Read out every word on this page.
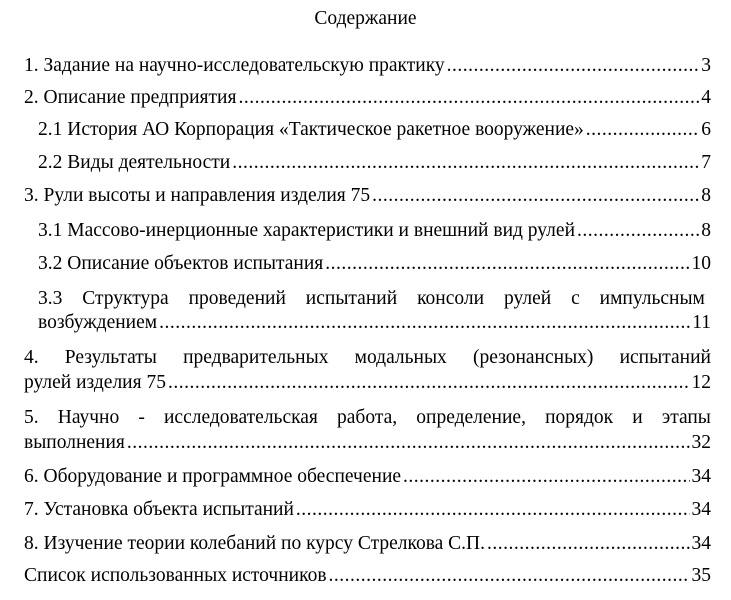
Содержание
1. Задание на научно-исследовательскую практику .....	3
2. Описание предприятия .....	4
2.1 История АО Корпорация «Тактическое ракетное вооружение» .....	6
2.2 Виды деятельности .....	7
3. Рули высоты и направления изделия 75 .....	8
3.1 Массово-инерционные характеристики и внешний вид рулей .....	8
3.2 Описание объектов испытания .....	10
3.3 Структура проведений испытаний консоли рулей с импульсным
возбуждением .....	11
4. Результаты предварительных модальных (резонансных) испытаний
рулей изделия 75 .....	12
5. Научно - исследовательская работа, определение, порядок и этапы
выполнения .....	32
6. Оборудование и программное обеспечение .....	34
7. Установка объекта испытаний .....	34
8. Изучение теории колебаний по курсу Стрелкова С.П. .....	34
Список использованных источников .....	35
